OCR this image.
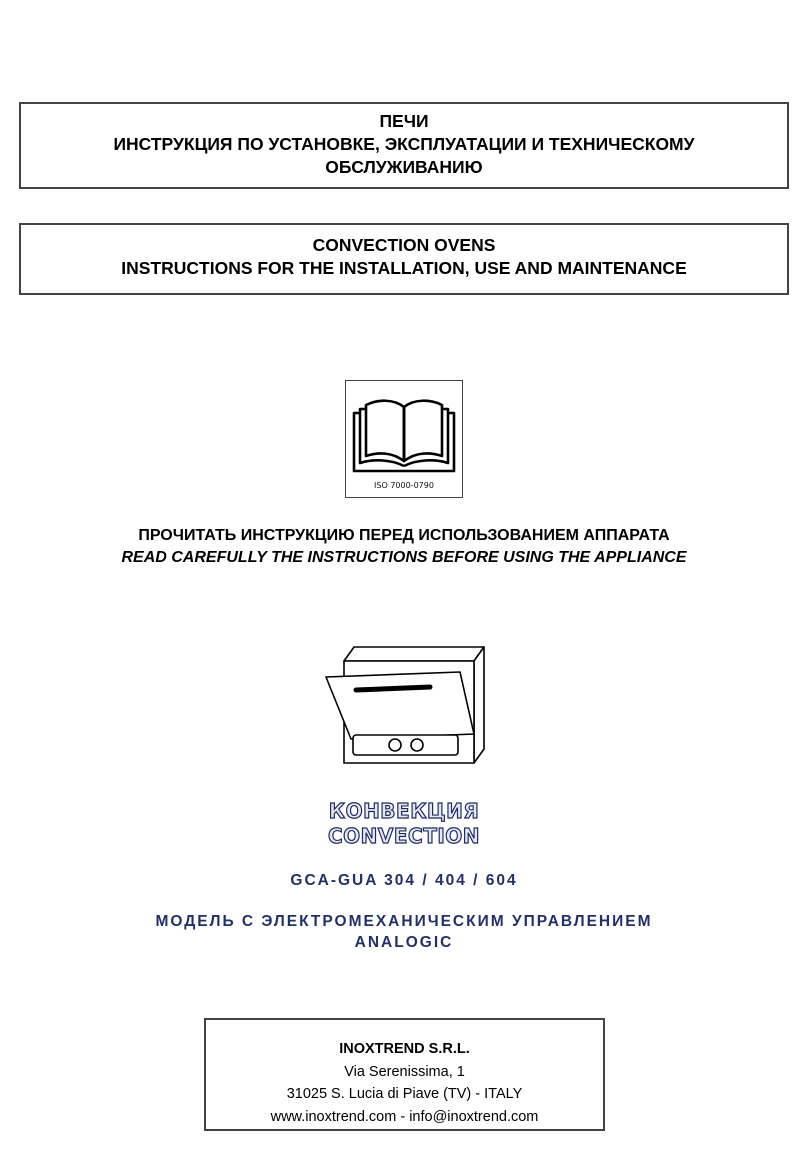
ПЕЧИ
ИНСТРУКЦИЯ ПО УСТАНОВКЕ, ЭКСПЛУАТАЦИИ И ТЕХНИЧЕСКОМУ
ОБСЛУЖИВАНИЮ
CONVECTION OVENS
INSTRUCTIONS FOR THE INSTALLATION, USE AND MAINTENANCE
ISO 7000-0790
ПРОЧИТАТЬ ИНСТРУКЦИЮ ПЕРЕД ИСПОЛЬЗОВАНИЕМ АППАРАТА
READ CAREFULLY THE INSTRUCTIONS BEFORE USING THE APPLIANCE
КОНВЕКЦИЯ
CONVECTION
GCA-GUA 304 / 404 / 604
МОДЕЛЬ С ЭЛЕКТРОМЕХАНИЧЕСКИМ УПРАВЛЕНИЕМ
ANALOGIC
INOXTREND S.R.L.
Via Serenissima, 1
31025 S. Lucia di Piave (TV) - ITALY
www.inoxtrend.com - info@inoxtrend.com
